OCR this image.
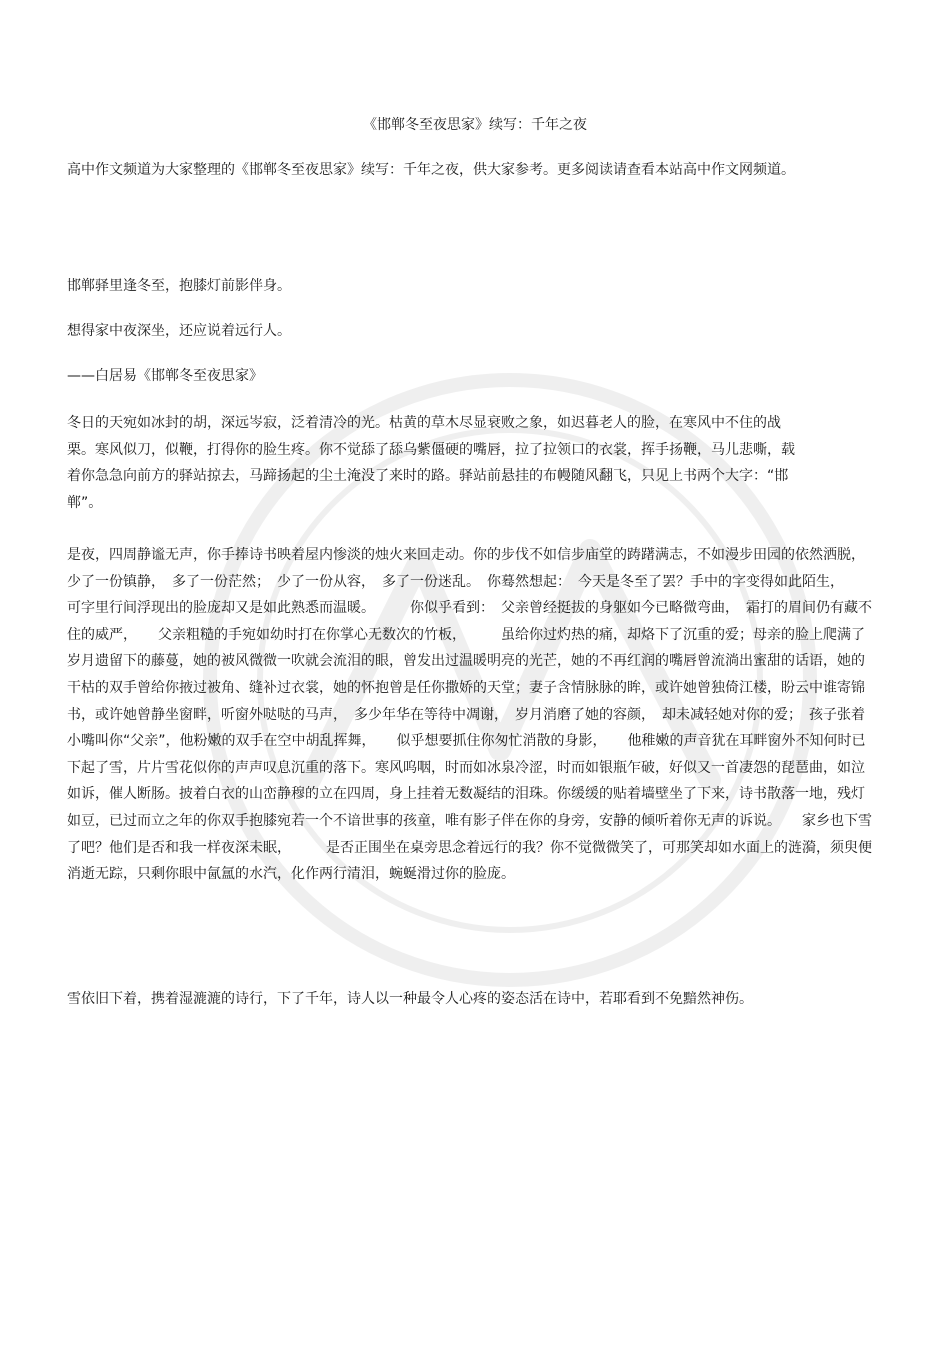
《邯郸冬至夜思家》续写：千年之夜

高中作文频道为大家整理的《邯郸冬至夜思家》续写：千年之夜，供大家参考。更多阅读请查看本站高中作文网频道。

邯郸驿里逢冬至，抱膝灯前影伴身。

想得家中夜深坐，还应说着远行人。

——白居易《邯郸冬至夜思家》

冬日的天宛如冰封的胡，深远岑寂，泛着清冷的光。枯黄的草木尽显衰败之象，如迟暮老人的脸，在寒风中不住的战栗。寒风似刀，似鞭，打得你的脸生疼。你不觉舔了舔乌紫僵硬的嘴唇，拉了拉领口的衣裳，挥手扬鞭，马儿悲嘶，载着你急急向前方的驿站掠去，马蹄扬起的尘土淹没了来时的路。驿站前悬挂的布幔随风翻飞，只见上书两个大字：“邯郸”。

是夜，四周静谧无声，你手捧诗书映着屋内惨淡的烛火来回走动。你的步伐不如信步庙堂的踌躇满志，不如漫步田园的依然洒脱，　少了一份镇静，　多了一份茫然；　少了一份从容，　多了一份迷乱。　你蓦然想起：　今天是冬至了罢？手中的字变得如此陌生，　　可字里行间浮现出的脸庞却又是如此熟悉而温暖。　　　你似乎看到：　父亲曾经挺拔的身躯如今已略微弯曲，　霜打的眉间仍有藏不住的威严，　　父亲粗糙的手宛如幼时打在你掌心无数次的竹板，　　　虽给你过灼热的痛，却烙下了沉重的爱；母亲的脸上爬满了岁月遗留下的藤蔓，她的被风微微一吹就会流泪的眼，曾发出过温暖明亮的光芒，她的不再红润的嘴唇曾流淌出蜜甜的话语，她的干枯的双手曾给你掖过被角、缝补过衣裳，她的怀抱曾是任你撒娇的天堂；妻子含情脉脉的眸，或许她曾独倚江楼，盼云中谁寄锦书，或许她曾静坐窗畔，听窗外哒哒的马声，　多少年华在等待中凋谢，　岁月消磨了她的容颜，　却未减轻她对你的爱；　孩子张着小嘴叫你“父亲”，他粉嫩的双手在空中胡乱挥舞，　　似乎想要抓住你匆忙消散的身影，　　他稚嫩的声音犹在耳畔窗外不知何时已下起了雪，片片雪花似你的声声叹息沉重的落下。寒风呜咽，时而如冰泉冷涩，时而如银瓶乍破，好似又一首凄怨的琵琶曲，如泣如诉，催人断肠。披着白衣的山峦静穆的立在四周，身上挂着无数凝结的泪珠。你缓缓的贴着墙壁坐了下来，诗书散落一地，残灯如豆，已过而立之年的你双手抱膝宛若一个不谙世事的孩童，唯有影子伴在你的身旁，安静的倾听着你无声的诉说。　　家乡也下雪了吧？他们是否和我一样夜深未眠，　　　是否正围坐在桌旁思念着远行的我？你不觉微微笑了，可那笑却如水面上的涟漪，须臾便消逝无踪，只剩你眼中氤氲的水汽，化作两行清泪，蜿蜒滑过你的脸庞。

雪依旧下着，携着湿漉漉的诗行，下了千年，诗人以一种最令人心疼的姿态活在诗中，若耶看到不免黯然神伤。
